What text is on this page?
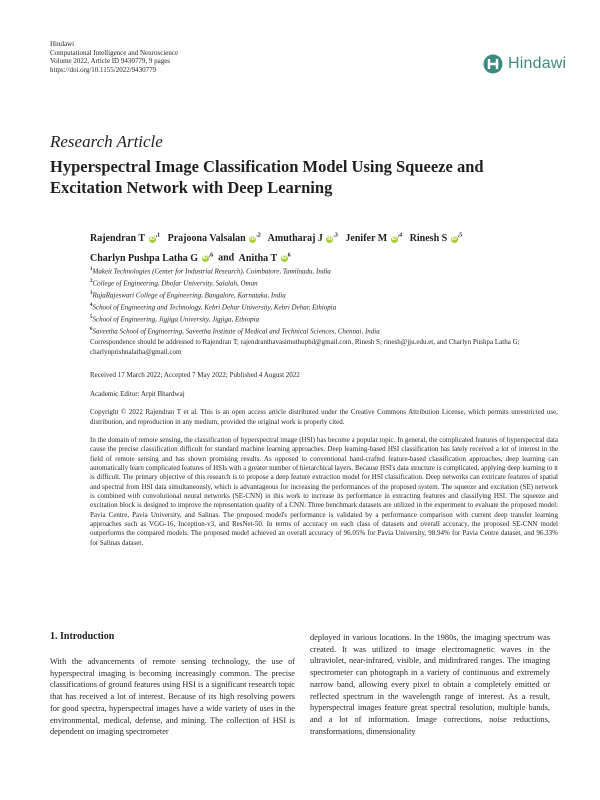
Hindawi
Computational Intelligence and Neuroscience
Volume 2022, Article ID 9430779, 9 pages
https://doi.org/10.1155/2022/9430779	Hindawi
Research Article
Hyperspectral Image Classification Model Using Squeeze and Excitation Network with Deep Learning
Rajendran T $iD^{,1}$ Prajoona Valsalan $iD^{,2}$ Amutharaj J $iD^{,3}$ Jenifer M $iD^{,4}$ Rinesh S $iD^{,5}$
Charlyn Pushpa Latha G $iD^{,6}$ and Anitha T $iD^6$
$^1$Makeit Technologies (Center for Industrial Research), Coimbatore, Tamilnadu, India
$^2$College of Engineering, Dhofar University, Salalah, Oman
$^3$RajaRajeswari College of Engineering, Bangalore, Karnataka, India
$^4$School of Engineering and Technology, Kebri Dehar University, Kebri Dehar, Ethiopia
$^5$School of Engineering, Jigjiga University, Jigjiga, Ethiopia
$^6$Saveetha School of Engineering, Saveetha Institute of Medical and Technical Sciences, Chennai, India
Correspondence should be addressed to Rajendran T; rajendranthavasimuthuphd@gmail.com, Rinesh S; rinesh@jju.edu.et, and Charlyn Pushpa Latha G; charlynprishnalatha@gmail.com
Received 17 March 2022; Accepted 7 May 2022; Published 4 August 2022
Academic Editor: Arpit Bhardwaj
Copyright © 2022 Rajendran T et al. This is an open access article distributed under the Creative Commons Attribution License, which permits unrestricted use, distribution, and reproduction in any medium, provided the original work is properly cited.
In the domain of remote sensing, the classification of hyperspectral image (HSI) has become a popular topic. In general, the complicated features of hyperspectral data cause the precise classification difficult for standard machine learning approaches. Deep learning-based HSI classification has lately received a lot of interest in the field of remote sensing and has shown promising results. As opposed to conventional hand-crafted feature-based classification approaches, deep learning can automatically learn complicated features of HSIs with a greater number of hierarchical layers. Because HSI's data structure is complicated, applying deep learning to it is difficult. The primary objective of this research is to propose a deep feature extraction model for HSI classification. Deep networks can extricate features of spatial and spectral from HSI data simultaneously, which is advantageous for increasing the performances of the proposed system. The squeeze and excitation (SE) network is combined with convolutional neural networks (SE-CNN) in this work to increase its performance in extracting features and classifying HSI. The squeeze and excitation block is designed to improve the representation quality of a CNN. Three benchmark datasets are utilized in the experiment to evaluate the proposed model: Pavia Centre, Pavia University, and Salinas. The proposed model's performance is validated by a performance comparison with current deep transfer learning approaches such as VGG-16, Inception-v3, and ResNet-50. In terms of accuracy on each class of datasets and overall accuracy, the proposed SE-CNN model outperforms the compared models. The proposed model achieved an overall accuracy of 96.05% for Pavia University, 98.94% for Pavia Centre dataset, and 96.33% for Salinas dataset.
1. Introduction
With the advancements of remote sensing technology, the use of hyperspectral imaging is becoming increasingly common. The precise classifications of ground features using HSI is a significant research topic that has received a lot of interest. Because of its high resolving powers for good spectra, hyperspectral images have a wide variety of uses in the environmental, medical, defense, and mining. The collection of HSI is dependent on imaging spectrometer
deployed in various locations. In the 1980s, the imaging spectrum was created. It was utilized to image electromagnetic waves in the ultraviolet, near-infrared, visible, and midinfrared ranges. The imaging spectrometer can photograph in a variety of continuous and extremely narrow band, allowing every pixel to obtain a completely emitted or reflected spectrum in the wavelength range of interest. As a result, hyperspectral images feature great spectral resolution, multiple bands, and a lot of information. Image corrections, noise reductions, transformations, dimensionality
